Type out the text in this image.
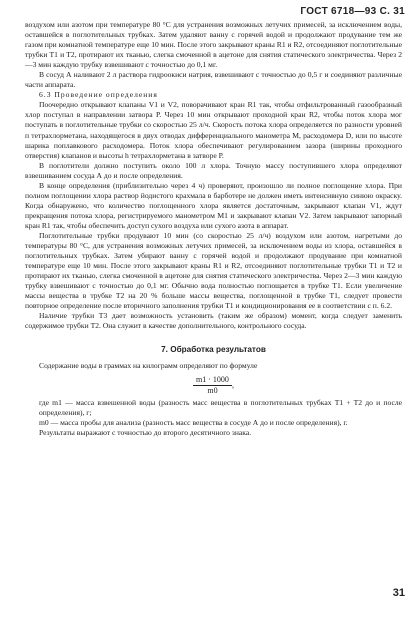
ГОСТ 6718—93 С. 31

воздухом или азотом при температуре 80 °С для устранения возможных летучих примесей, за исключением воды, оставшейся в поглотительных трубках. Затем удаляют ванну с горячей водой и продолжают продувание тем же газом при комнатной температуре еще 10 мин. После этого закрывают краны R1 и R2, отсоединяют поглотительные трубки T1 и T2, протирают их тканью, слегка смоченной в ацетоне для снятия статического электричества. Через 2—3 мин каждую трубку взвешивают с точностью до 0,1 мг.

В сосуд А наливают 2 л раствора гидроокиси натрия, взвешивают с точностью до 0,5 г и соединяют различные части аппарата.

6.3 Проведение определения

Поочередно открывают клапаны V1 и V2, поворачивают кран R1 так, чтобы отфильтрованный газообразный хлор поступал в направлении затвора Р. Через 10 мин открывают проходной кран R2, чтобы поток хлора мог поступать в поглотительные трубки со скоростью 25 л/ч. Скорость потока хлора определяется по разности уровней п тетрахлорметана, находящегося в двух отводах дифференциального манометра М, расходомера D, или по высоте шарика поплавкового расходомера. Поток хлора обеспечивают регулированием зазора (ширины проходного отверстия) клапанов и высоты h тетрахлорметана в затворе Р.

В поглотители должно поступить около 100 л хлора. Точную массу поступившего хлора определяют взвешиванием сосуда А до и после определения.

В конце определения (приблизительно через 4 ч) проверяют, произошло ли полное поглощение хлора. При полном поглощении хлора раствор йодистого крахмала в барботере не должен иметь интенсивную синюю окраску. Когда обнаружено, что количество поглощенного хлора является достаточным, закрывают клапан V1, ждут прекращения потока хлора, регистрируемого манометром М1 и закрывают клапан V2. Затем закрывают запорный кран R1 так, чтобы обеспечить доступ сухого воздуха или сухого азота в аппарат.

Поглотительные трубки продувают 10 мин (со скоростью 25 л/ч) воздухом или азотом, нагретыми до температуры 80 °С, для устранения возможных летучих примесей, за исключением воды из хлора, оставшейся в поглотительных трубках. Затем убирают ванну с горячей водой и продолжают продувание при комнатной температуре еще 10 мин. После этого закрывают краны R1 и R2, отсоединяют поглотительные трубки T1 и T2 и протирают их тканью, слегка смоченной в ацетоне для снятия статического электричества. Через 2—3 мин каждую трубку взвешивают с точностью до 0,1 мг. Обычно вода полностью поглощается в трубке T1. Если увеличение массы вещества в трубке T2 на 20 % больше массы вещества, поглощенной в трубке T1, следует провести повторное определение после вторичного заполнения трубки T1 и кондиционирования ее в соответствии с п. 6.2.

Наличие трубки T3 дает возможность установить (таким же образом) момент, когда следует заменить содержимое трубки T2. Она служит в качестве дополнительного, контрольного сосуда.

7. Обработка результатов

Содержание воды в граммах на килограмм определяют по формуле

$\frac{m1 \cdot 1000}{m0}$ ,

где m1 — масса взвешенной воды (разность масс вещества в поглотительных трубках T1 + T2 до и после определения), г;

m0 — масса пробы для анализа (разность масс вещества в сосуде А до и после определения), г.

Результаты выражают с точностью до второго десятичного знака.

31
